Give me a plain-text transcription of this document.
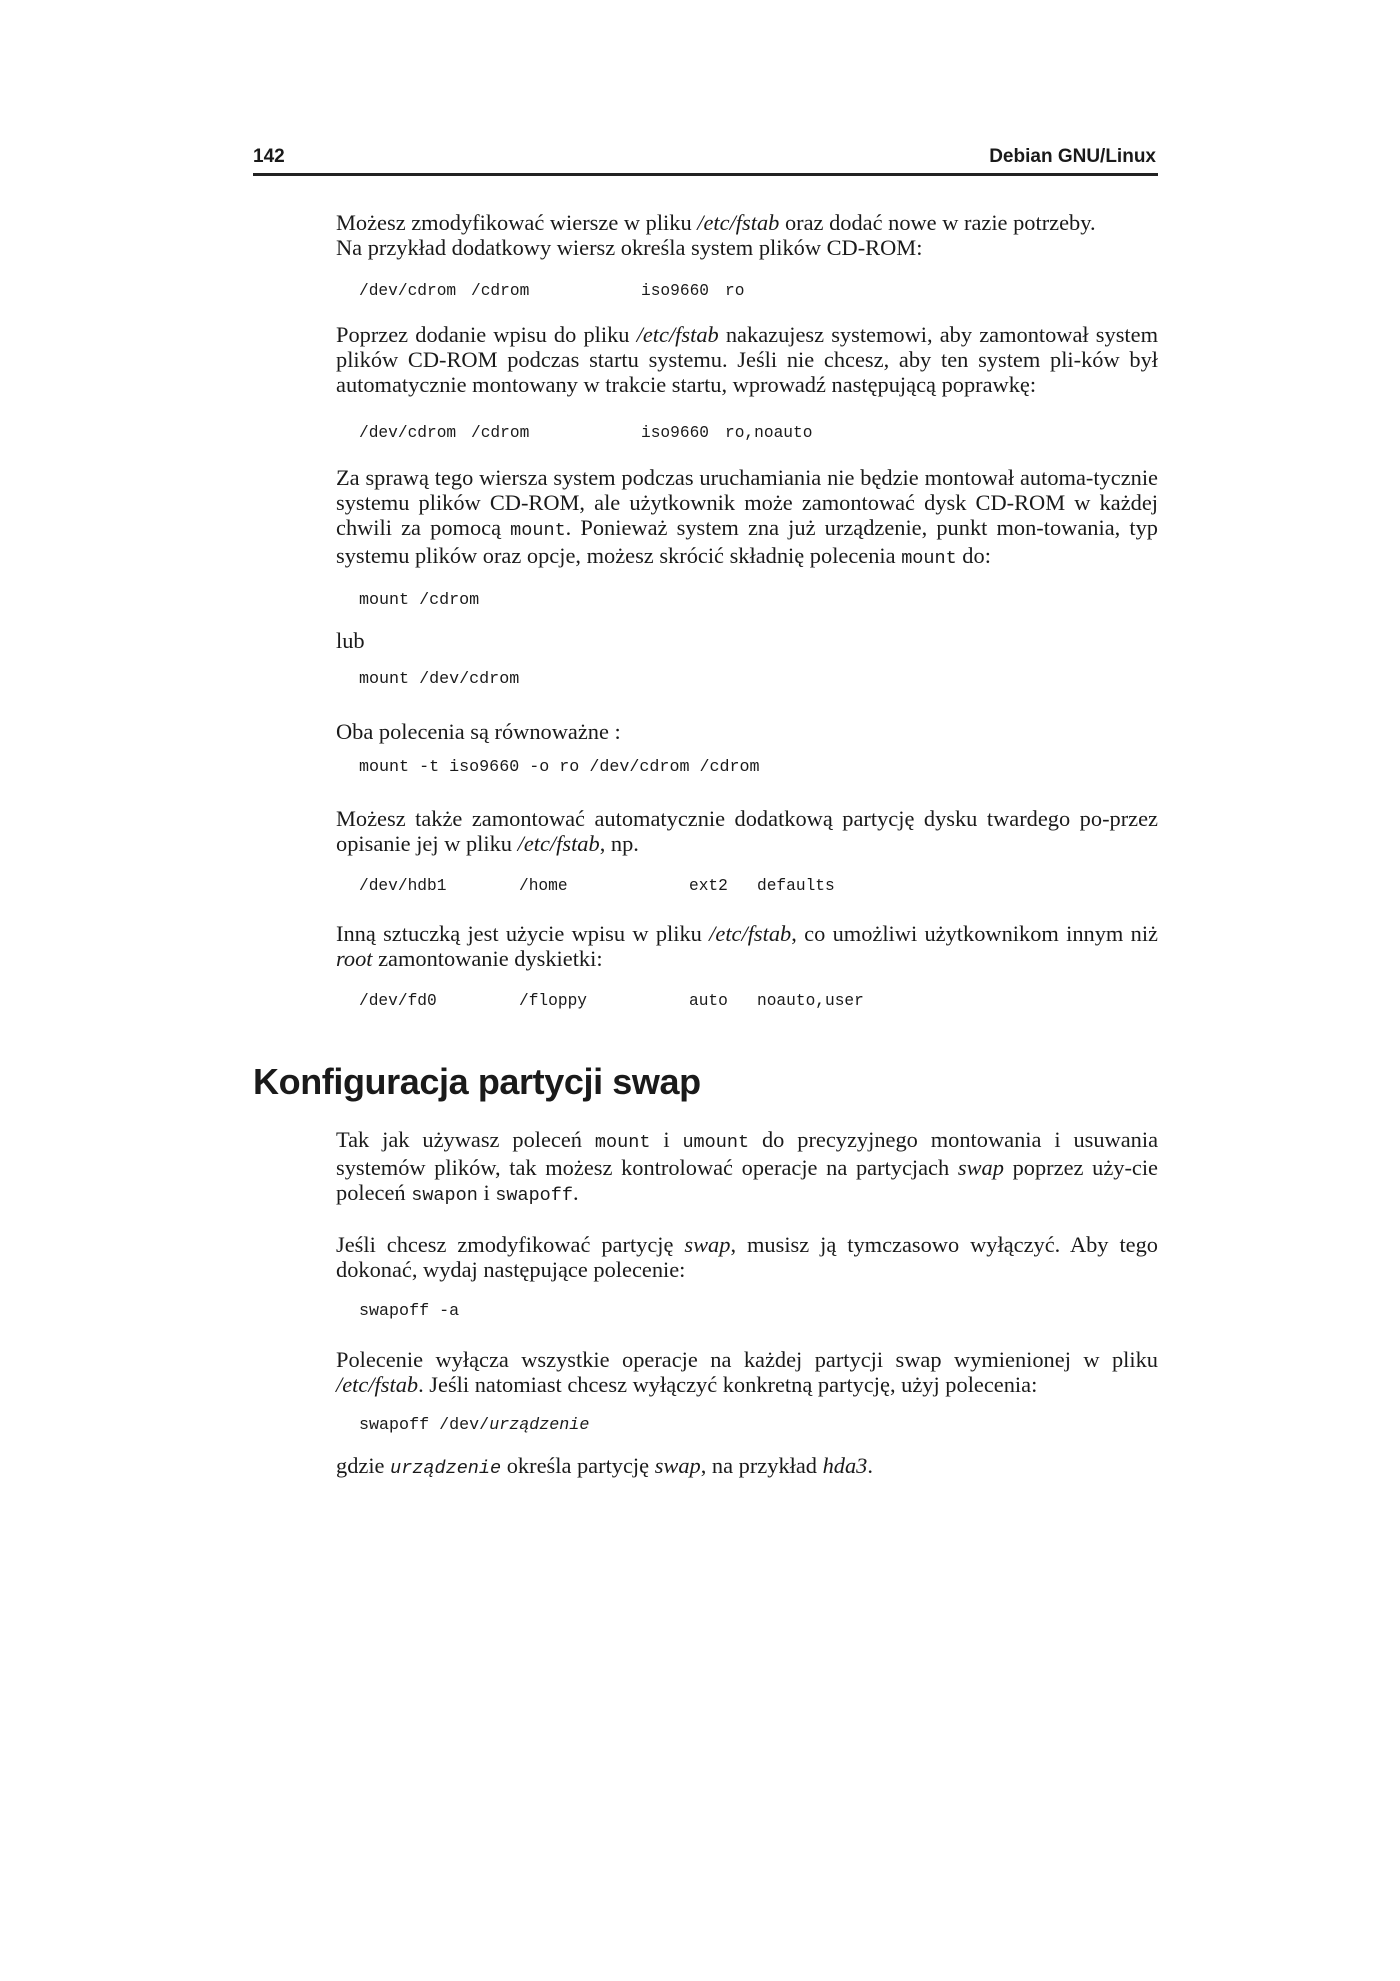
142	Debian GNU/Linux

Możesz zmodyfikować wiersze w pliku /etc/fstab oraz dodać nowe w razie potrzeby.
Na przykład dodatkowy wiersz określa system plików CD-ROM:

/dev/cdrom /cdrom	iso9660 ro

Poprzez dodanie wpisu do pliku /etc/fstab nakazujesz systemowi, aby zamontował system plików CD-ROM podczas startu systemu. Jeśli nie chcesz, aby ten system pli-ków był automatycznie montowany w trakcie startu, wprowadź następującą poprawkę:

/dev/cdrom /cdrom	iso9660 ro,noauto

Za sprawą tego wiersza system podczas uruchamiania nie będzie montował automa-tycznie systemu plików CD-ROM, ale użytkownik może zamontować dysk CD-ROM w każdej chwili za pomocą mount. Ponieważ system zna już urządzenie, punkt mon-towania, typ systemu plików oraz opcje, możesz skrócić składnię polecenia mount do:

mount /cdrom

lub

mount /dev/cdrom

Oba polecenia są równoważne :

mount -t iso9660 -o ro /dev/cdrom /cdrom

Możesz także zamontować automatycznie dodatkową partycję dysku twardego po-przez opisanie jej w pliku /etc/fstab, np.

/dev/hdb1	/home	ext2 defaults

Inną sztuczką jest użycie wpisu w pliku /etc/fstab, co umożliwi użytkownikom innym niż root zamontowanie dyskietki:

/dev/fd0	/floppy	auto noauto,user
Konfiguracja partycji swap

Tak jak używasz poleceń mount i umount do precyzyjnego montowania i usuwania systemów plików, tak możesz kontrolować operacje na partycjach swap poprzez uży-cie poleceń swapon i swapoff.

Jeśli chcesz zmodyfikować partycję swap, musisz ją tymczasowo wyłączyć. Aby tego dokonać, wydaj następujące polecenie:

swapoff -a

Polecenie wyłącza wszystkie operacje na każdej partycji swap wymienionej w pliku /etc/fstab. Jeśli natomiast chcesz wyłączyć konkretną partycję, użyj polecenia:

swapoff /dev/urządzenie

gdzie urządzenie określa partycję swap, na przykład hda3.
